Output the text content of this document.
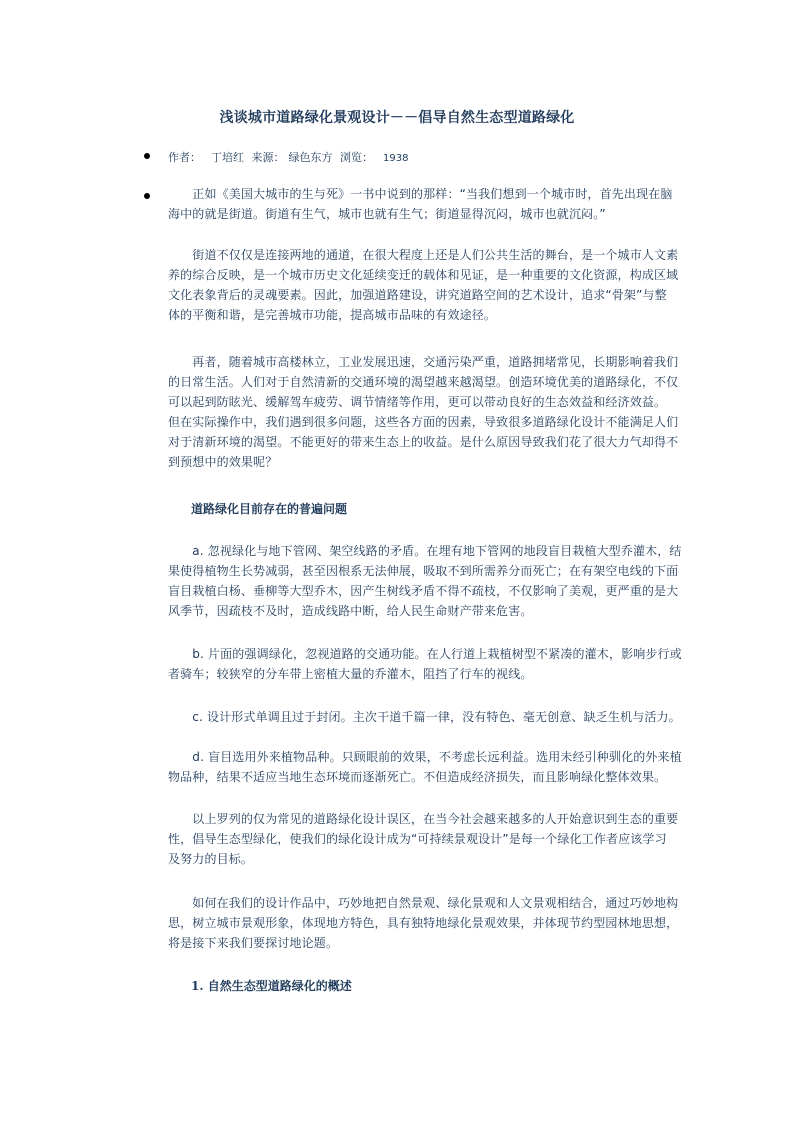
浅谈城市道路绿化景观设计－－倡导自然生态型道路绿化
作者： 丁培红 来源： 绿色东方 浏览： 1938
　　正如《美国大城市的生与死》一书中说到的那样：“当我们想到一个城市时，首先出现在脑
海中的就是街道。街道有生气，城市也就有生气；街道显得沉闷，城市也就沉闷。”
　　街道不仅仅是连接两地的通道，在很大程度上还是人们公共生活的舞台，是一个城市人文素
养的综合反映，是一个城市历史文化延续变迁的载体和见证，是一种重要的文化资源，构成区域
文化表象背后的灵魂要素。因此，加强道路建设，讲究道路空间的艺术设计，追求“骨架”与整
体的平衡和谐，是完善城市功能，提高城市品味的有效途径。
　　再者，随着城市高楼林立，工业发展迅速，交通污染严重，道路拥堵常见，长期影响着我们
的日常生活。人们对于自然清新的交通环境的渴望越来越渴望。创造环境优美的道路绿化，不仅
可以起到防眩光、缓解驾车疲劳、调节情绪等作用，更可以带动良好的生态效益和经济效益。
但在实际操作中，我们遇到很多问题，这些各方面的因素，导致很多道路绿化设计不能满足人们
对于清新环境的渴望。不能更好的带来生态上的收益。是什么原因导致我们花了很大力气却得不
到预想中的效果呢？
道路绿化目前存在的普遍问题
　　a. 忽视绿化与地下管网、架空线路的矛盾。在埋有地下管网的地段盲目栽植大型乔灌木，结
果使得植物生长势减弱，甚至因根系无法伸展，吸取不到所需养分而死亡；在有架空电线的下面
盲目栽植白杨、垂柳等大型乔木，因产生树线矛盾不得不疏枝，不仅影响了美观，更严重的是大
风季节，因疏枝不及时，造成线路中断，给人民生命财产带来危害。
　　b. 片面的强调绿化，忽视道路的交通功能。在人行道上栽植树型不紧凑的灌木，影响步行或
者骑车；较狭窄的分车带上密植大量的乔灌木，阻挡了行车的视线。
　　c. 设计形式单调且过于封闭。主次干道千篇一律，没有特色、毫无创意、缺乏生机与活力。
　　d. 盲目选用外来植物品种。只顾眼前的效果，不考虑长远利益。选用未经引种驯化的外来植
物品种，结果不适应当地生态环境而逐渐死亡。不但造成经济损失，而且影响绿化整体效果。
　　以上罗列的仅为常见的道路绿化设计误区，在当今社会越来越多的人开始意识到生态的重要
性，倡导生态型绿化，使我们的绿化设计成为“可持续景观设计”是每一个绿化工作者应该学习
及努力的目标。
　　如何在我们的设计作品中，巧妙地把自然景观、绿化景观和人文景观相结合，通过巧妙地构
思，树立城市景观形象，体现地方特色，具有独特地绿化景观效果，并体现节约型园林地思想，
将是接下来我们要探讨地论题。
1. 自然生态型道路绿化的概述
